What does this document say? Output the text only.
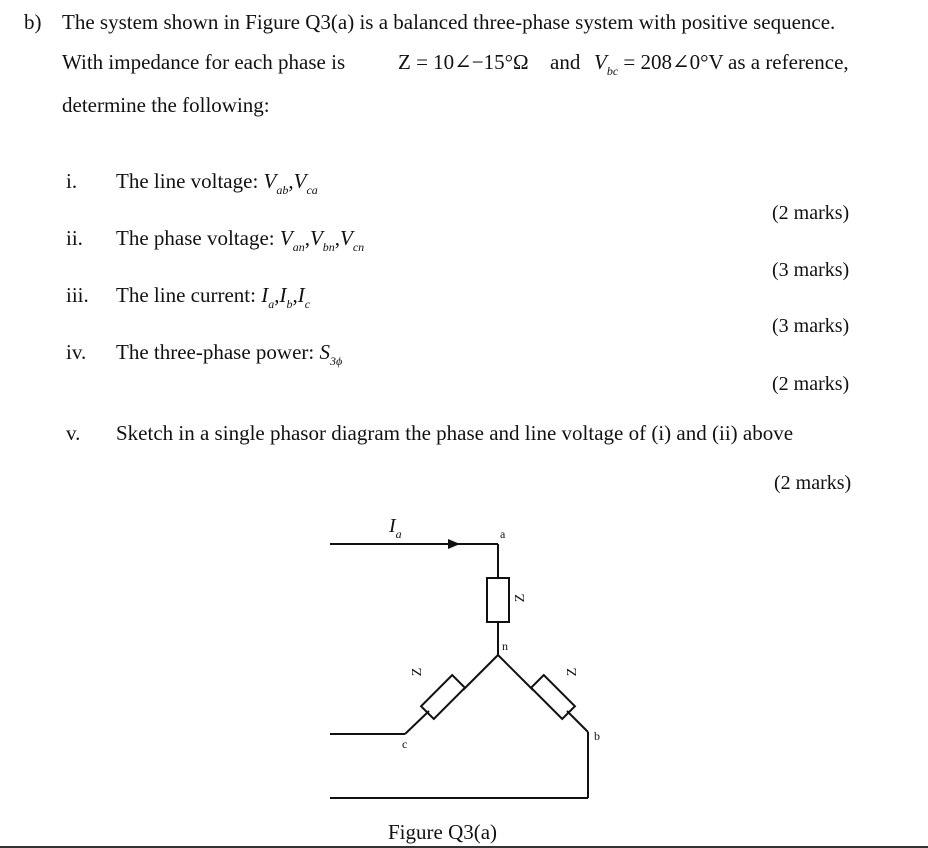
b) The system shown in Figure Q3(a) is a balanced three-phase system with positive sequence.
With impedance for each phase is	Z = 10∠−15°Ω and $V_{bc}$ = 208∠0°V as a reference,
determine the following:
i. The line voltage: $V_{ab},V_{ca}$
(2 marks)
ii. The phase voltage: $V_{an},V_{bn},V_{cn}$
(3 marks)
iii. The line current: $I_a,I_b,I_c$
(3 marks)
iv. The three-phase power: $S_{3\phi}$
(2 marks)
v. Sketch in a single phasor diagram the phase and line voltage of (i) and (ii) above
(2 marks)
$I_a$	a
Z
n
Z	Z
c
b
Figure Q3(a)
